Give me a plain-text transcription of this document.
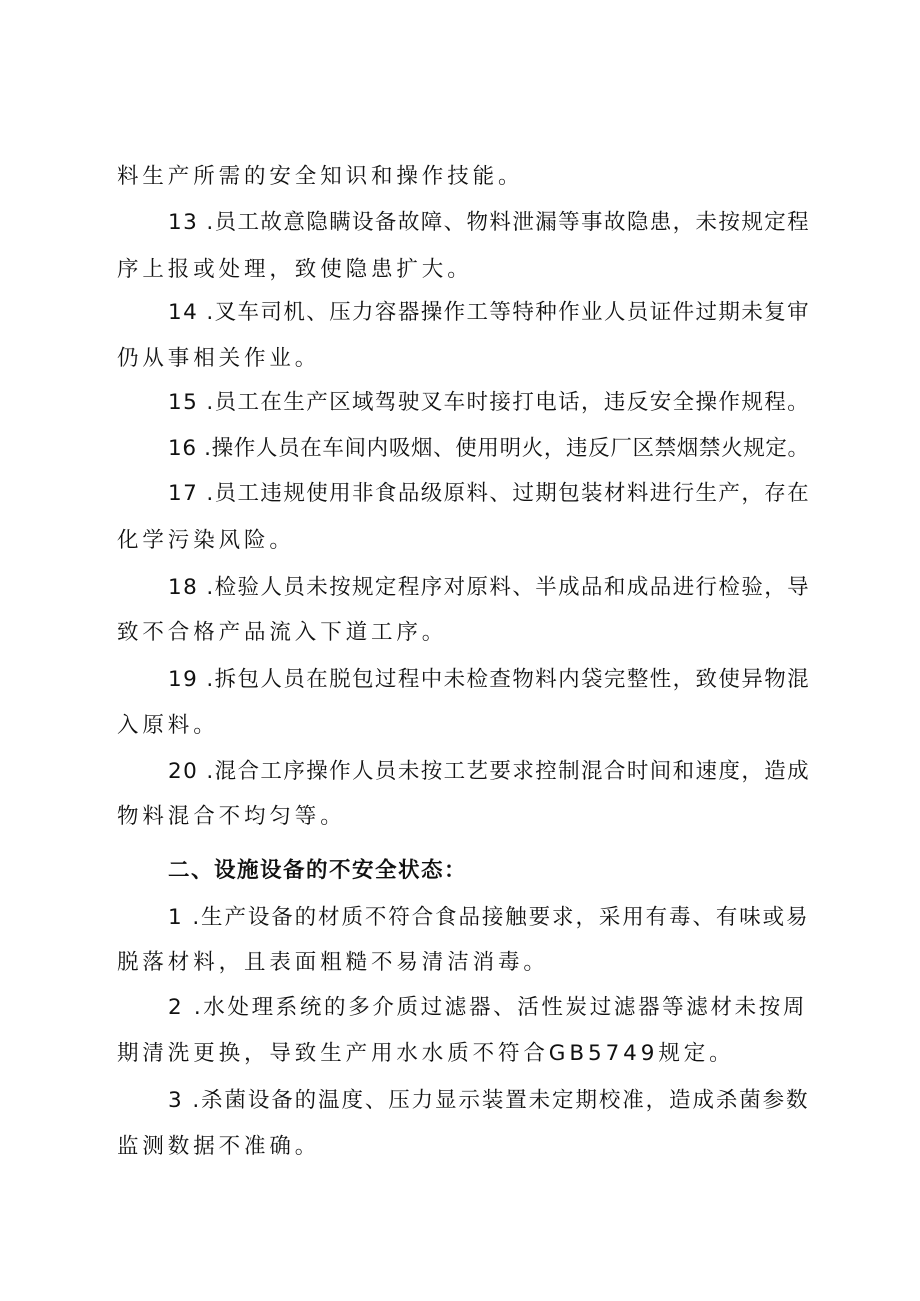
料生产所需的安全知识和操作技能。
13 .员工故意隐瞒设备故障、物料泄漏等事故隐患，未按规定程
序上报或处理，致使隐患扩大。
14 .叉车司机、压力容器操作工等特种作业人员证件过期未复审
仍从事相关作业。
15 .员工在生产区域驾驶叉车时接打电话，违反安全操作规程。
16 .操作人员在车间内吸烟、使用明火，违反厂区禁烟禁火规定。
17 .员工违规使用非食品级原料、过期包装材料进行生产，存在
化学污染风险。
18 .检验人员未按规定程序对原料、半成品和成品进行检验，导
致不合格产品流入下道工序。
19 .拆包人员在脱包过程中未检查物料内袋完整性，致使异物混
入原料。
20 .混合工序操作人员未按工艺要求控制混合时间和速度，造成
物料混合不均匀等。
二、设施设备的不安全状态：
1 .生产设备的材质不符合食品接触要求，采用有毒、有味或易
脱落材料，且表面粗糙不易清洁消毒。
2 .水处理系统的多介质过滤器、活性炭过滤器等滤材未按周
期清洗更换，导致生产用水水质不符合GB5749规定。
3 .杀菌设备的温度、压力显示装置未定期校准，造成杀菌参数
监测数据不准确。
